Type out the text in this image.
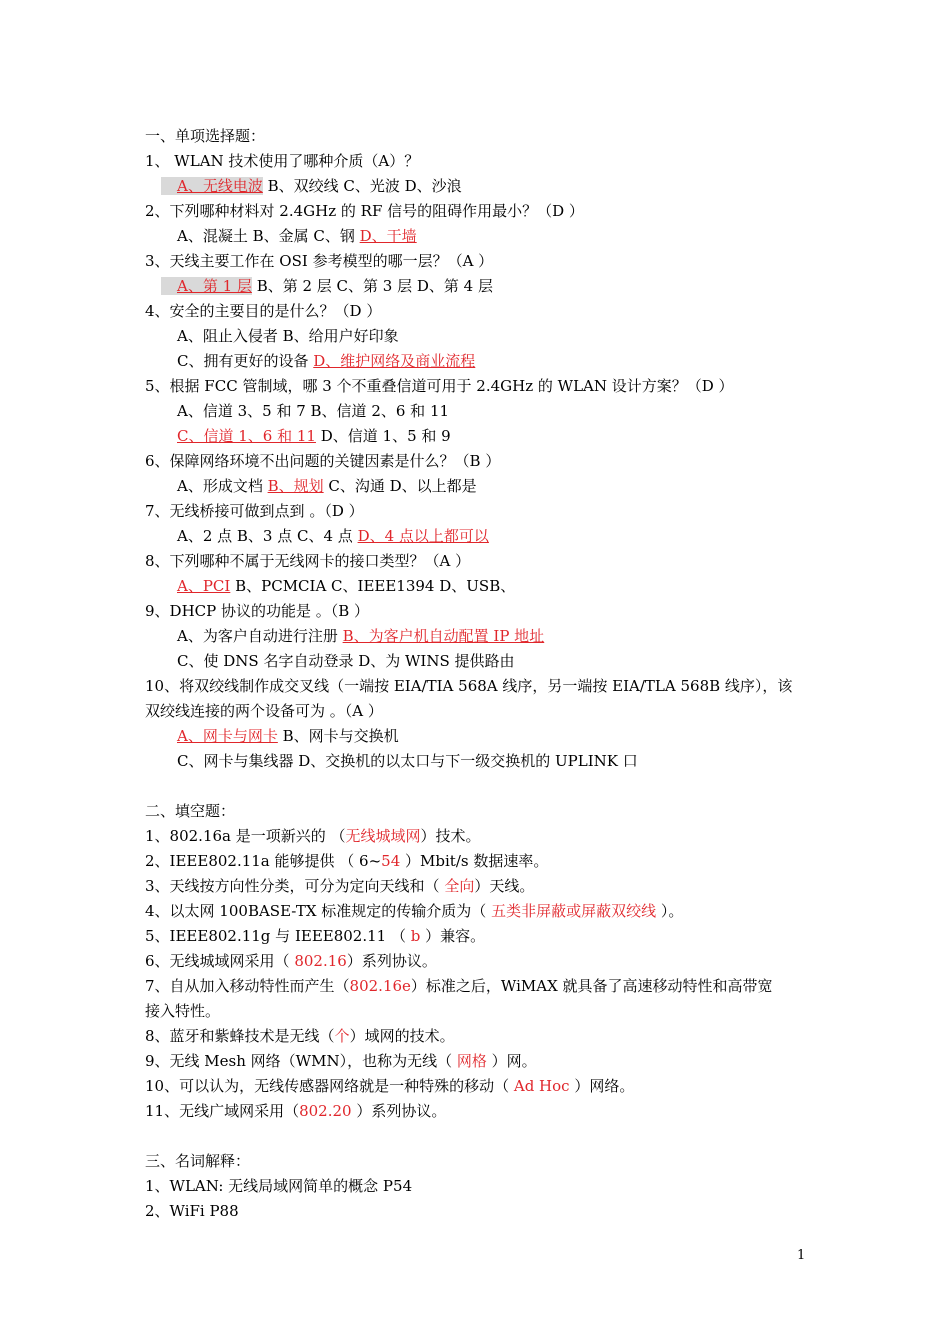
一、单项选择题：
1、 WLAN 技术使用了哪种介质（A）？
A、无线电波 B、双绞线 C、光波 D、沙浪
2、下列哪种材料对 2.4GHz 的 RF 信号的阻碍作用最小？（D ）
A、混凝土 B、金属 C、钢 D、干墙
3、天线主要工作在 OSI 参考模型的哪一层？（A ）
A、第 1 层 B、第 2 层 C、第 3 层 D、第 4 层
4、安全的主要目的是什么？（D ）
A、阻止入侵者 B、给用户好印象
C、拥有更好的设备 D、维护网络及商业流程
5、根据 FCC 管制域，哪 3 个不重叠信道可用于 2.4GHz 的 WLAN 设计方案？（D ）
A、信道 3、5 和 7 B、信道 2、6 和 11
C、信道 1、6 和 11 D、信道 1、5 和 9
6、保障网络环境不出问题的关键因素是什么？（B ）
A、形成文档 B、规划 C、沟通 D、以上都是
7、无线桥接可做到点到 。（D ）
A、2 点 B、3 点 C、4 点 D、4 点以上都可以
8、下列哪种不属于无线网卡的接口类型？（A ）
A、PCI B、PCMCIA C、IEEE1394 D、USB、
9、DHCP 协议的功能是 。（B ）
A、为客户自动进行注册 B、为客户机自动配置 IP 地址
C、使 DNS 名字自动登录 D、为 WINS 提供路由
10、将双绞线制作成交叉线（一端按 EIA/TIA 568A 线序，另一端按 EIA/TLA 568B 线序），该
双绞线连接的两个设备可为 。（A ）
A、网卡与网卡 B、网卡与交换机
C、网卡与集线器 D、交换机的以太口与下一级交换机的 UPLINK 口
二、填空题：
1、802.16a 是一项新兴的 （无线城域网）技术。
2、IEEE802.11a 能够提供 （ 6~54 ）Mbit/s 数据速率。
3、天线按方向性分类，可分为定向天线和（ 全向）天线。
4、以太网 100BASE-TX 标准规定的传输介质为（ 五类非屏蔽或屏蔽双绞线 ）。
5、IEEE802.11g 与 IEEE802.11 （ b ）兼容。
6、无线城域网采用（ 802.16）系列协议。
7、自从加入移动特性而产生（802.16e）标准之后，WiMAX 就具备了高速移动特性和高带宽
接入特性。
8、蓝牙和紫蜂技术是无线（个）域网的技术。
9、无线 Mesh 网络（WMN），也称为无线（ 网格 ）网。
10、可以认为，无线传感器网络就是一种特殊的移动（ Ad Hoc ）网络。
11、无线广域网采用（802.20 ）系列协议。
三、名词解释：
1、WLAN: 无线局域网简单的概念 P54
2、WiFi P88
1
